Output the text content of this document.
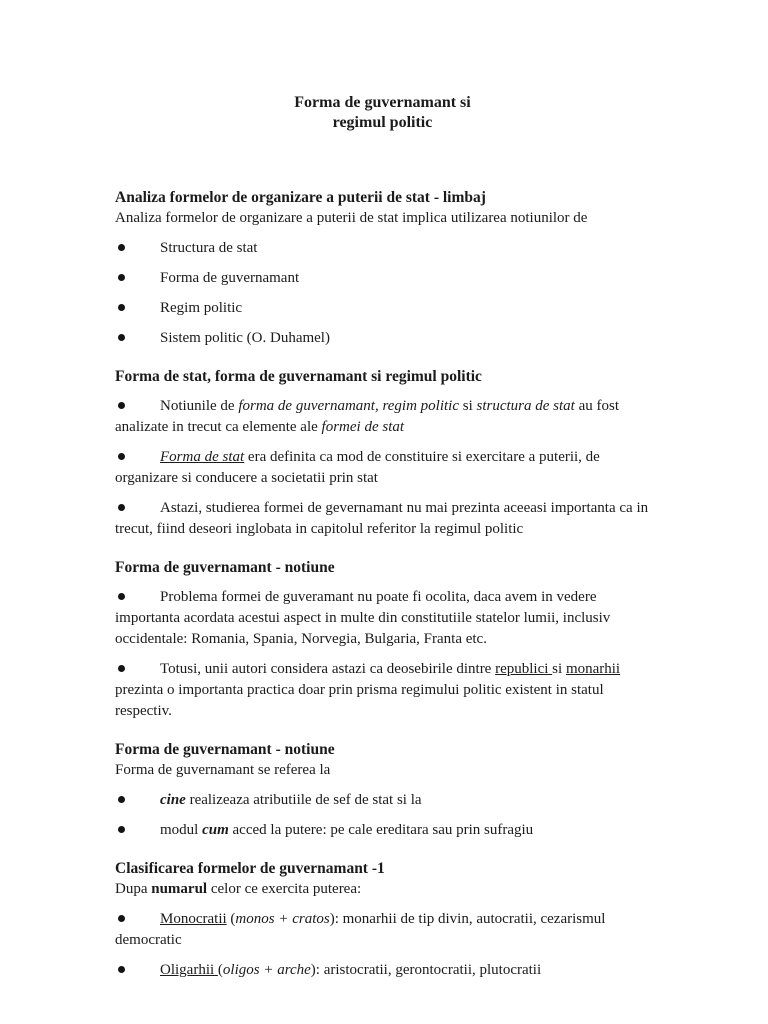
Forma de guvernamant si
regimul politic
Analiza formelor de organizare a puterii de stat - limbaj

Analiza formelor de organizare a puterii de stat implica utilizarea notiunilor de

Structura de stat
Forma de guvernamant
Regim politic
Sistem politic (O. Duhamel)
Forma de stat, forma de guvernamant si regimul politic
Notiunile de forma de guvernamant, regim politic si structura de stat au fost analizate in trecut ca elemente ale formei de stat
Forma de stat era definita ca mod de constituire si exercitare a puterii, de organizare si conducere a societatii prin stat
Astazi, studierea formei de gevernamant nu mai prezinta aceeasi importanta ca in trecut, fiind deseori inglobata in capitolul referitor la regimul politic
Forma de guvernamant - notiune
Problema formei de guveramant nu poate fi ocolita, daca avem in vedere importanta acordata acestui aspect in multe din constitutiile statelor lumii, inclusiv occidentale: Romania, Spania, Norvegia, Bulgaria, Franta etc.
Totusi, unii autori considera astazi ca deosebirile dintre republici si monarhii prezinta o importanta practica doar prin prisma regimului politic existent in statul respectiv.
Forma de guvernamant - notiune

Forma de guvernamant se referea la

cine realizeaza atributiile de sef de stat si la
modul cum acced la putere: pe cale ereditara sau prin sufragiu
Clasificarea formelor de guvernamant -1

Dupa numarul celor ce exercita puterea:

Monocratii (monos + cratos): monarhii de tip divin, autocratii, cezarismul democratic
Oligarhii (oligos + arche): aristocratii, gerontocratii, plutocratii
